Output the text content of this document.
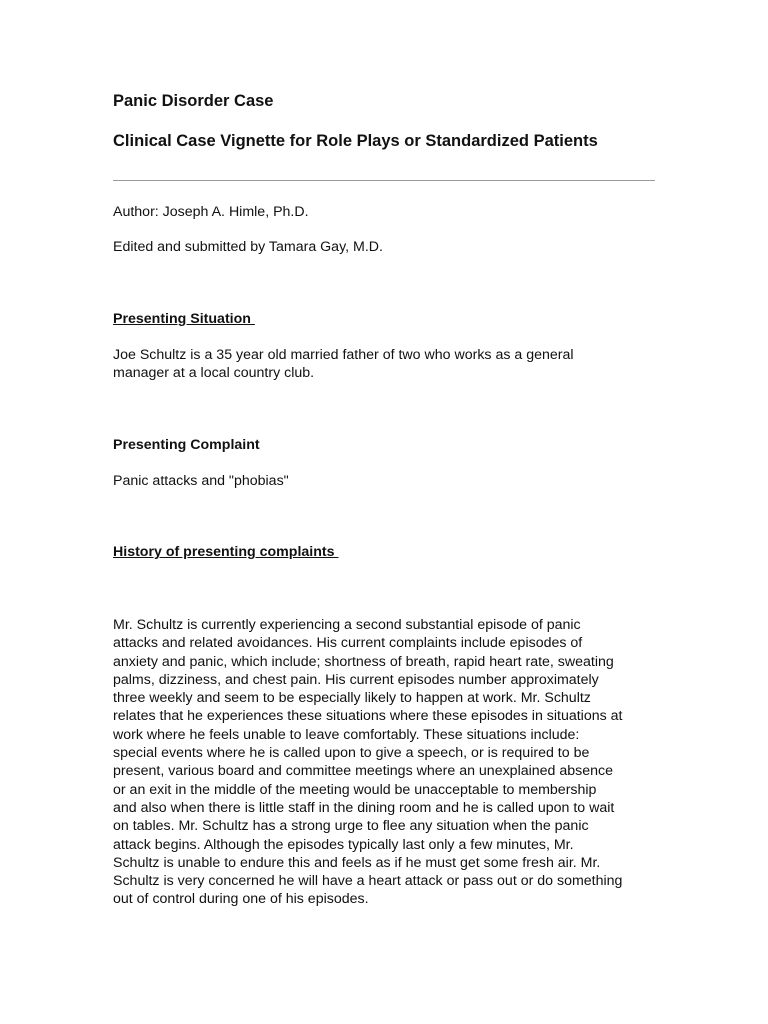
Panic Disorder Case
Clinical Case Vignette for Role Plays or Standardized Patients
Author: Joseph A. Himle, Ph.D.
Edited and submitted by Tamara Gay, M.D.
Presenting Situation
Joe Schultz is a 35 year old married father of two who works as a general
manager at a local country club.
Presenting Complaint
Panic attacks and "phobias"
History of presenting complaints
Mr. Schultz is currently experiencing a second substantial episode of panic
attacks and related avoidances. His current complaints include episodes of
anxiety and panic, which include; shortness of breath, rapid heart rate, sweating
palms, dizziness, and chest pain. His current episodes number approximately
three weekly and seem to be especially likely to happen at work. Mr. Schultz
relates that he experiences these situations where these episodes in situations at
work where he feels unable to leave comfortably. These situations include:
special events where he is called upon to give a speech, or is required to be
present, various board and committee meetings where an unexplained absence
or an exit in the middle of the meeting would be unacceptable to membership
and also when there is little staff in the dining room and he is called upon to wait
on tables. Mr. Schultz has a strong urge to flee any situation when the panic
attack begins. Although the episodes typically last only a few minutes, Mr.
Schultz is unable to endure this and feels as if he must get some fresh air. Mr.
Schultz is very concerned he will have a heart attack or pass out or do something
out of control during one of his episodes.
